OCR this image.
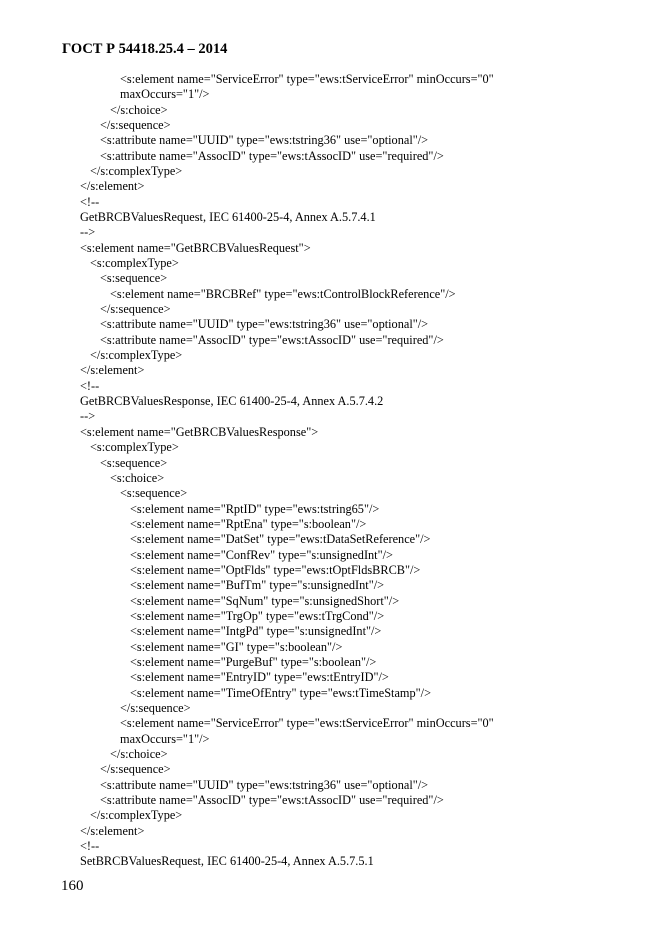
ГОСТ Р 54418.25.4 – 2014
<s:element name="ServiceError" type="ews:tServiceError" minOccurs="0"
maxOccurs="1"/>
</s:choice>
</s:sequence>
<s:attribute name="UUID" type="ews:tstring36" use="optional"/>
<s:attribute name="AssocID" type="ews:tAssocID" use="required"/>
</s:complexType>
</s:element>
<!--
GetBRCBValuesRequest, IEC 61400-25-4, Annex A.5.7.4.1
-->
<s:element name="GetBRCBValuesRequest">
<s:complexType>
<s:sequence>
<s:element name="BRCBRef" type="ews:tControlBlockReference"/>
</s:sequence>
<s:attribute name="UUID" type="ews:tstring36" use="optional"/>
<s:attribute name="AssocID" type="ews:tAssocID" use="required"/>
</s:complexType>
</s:element>
<!--
GetBRCBValuesResponse, IEC 61400-25-4, Annex A.5.7.4.2
-->
<s:element name="GetBRCBValuesResponse">
<s:complexType>
<s:sequence>
<s:choice>
<s:sequence>
<s:element name="RptID" type="ews:tstring65"/>
<s:element name="RptEna" type="s:boolean"/>
<s:element name="DatSet" type="ews:tDataSetReference"/>
<s:element name="ConfRev" type="s:unsignedInt"/>
<s:element name="OptFlds" type="ews:tOptFldsBRCB"/>
<s:element name="BufTm" type="s:unsignedInt"/>
<s:element name="SqNum" type="s:unsignedShort"/>
<s:element name="TrgOp" type="ews:tTrgCond"/>
<s:element name="IntgPd" type="s:unsignedInt"/>
<s:element name="GI" type="s:boolean"/>
<s:element name="PurgeBuf" type="s:boolean"/>
<s:element name="EntryID" type="ews:tEntryID"/>
<s:element name="TimeOfEntry" type="ews:tTimeStamp"/>
</s:sequence>
<s:element name="ServiceError" type="ews:tServiceError" minOccurs="0"
maxOccurs="1"/>
</s:choice>
</s:sequence>
<s:attribute name="UUID" type="ews:tstring36" use="optional"/>
<s:attribute name="AssocID" type="ews:tAssocID" use="required"/>
</s:complexType>
</s:element>
<!--
SetBRCBValuesRequest, IEC 61400-25-4, Annex A.5.7.5.1
160
